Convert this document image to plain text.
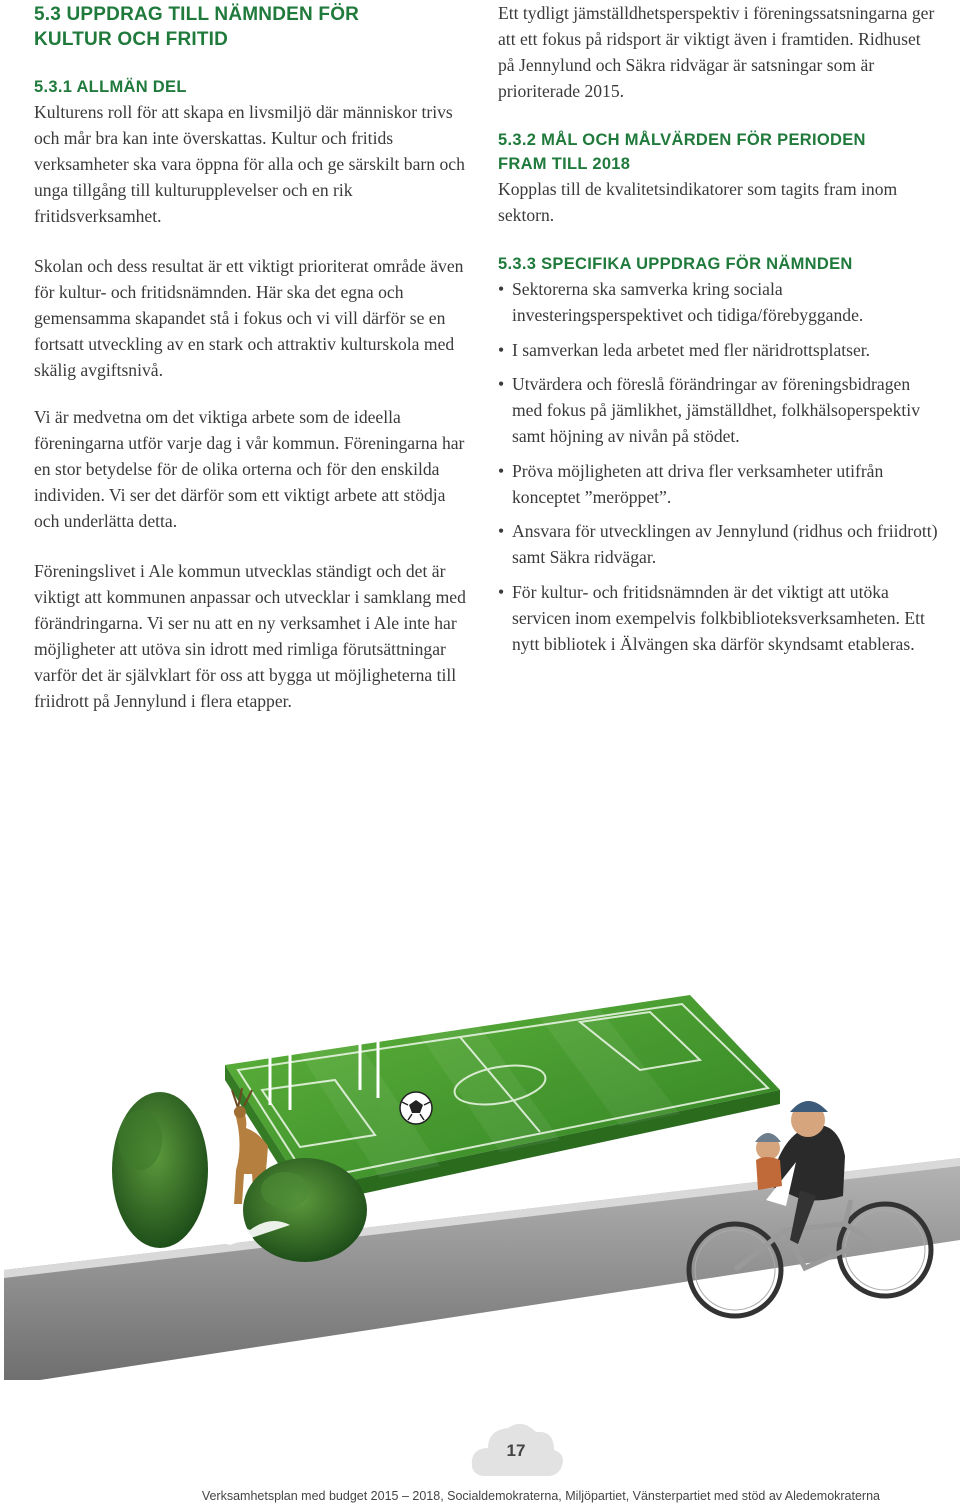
5.3 UPPDRAG TILL NÄMNDEN FÖR KULTUR OCH FRITID
5.3.1 ALLMÄN DEL

Kulturens roll för att skapa en livsmiljö där människor trivs och mår bra kan inte överskattas. Kultur och fritids verksamheter ska vara öppna för alla och ge särskilt barn och unga tillgång till kulturupplevelser och en rik fritidsverksamhet.

Skolan och dess resultat är ett viktigt prioriterat område även för kultur- och fritidsnämnden. Här ska det egna och gemensamma skapandet stå i fokus och vi vill därför se en fortsatt utveckling av en stark och attraktiv kulturskola med skälig avgiftsnivå.

Vi är medvetna om det viktiga arbete som de ideella föreningarna utför varje dag i vår kommun. Föreningarna har en stor betydelse för de olika orterna och för den enskilda individen. Vi ser det därför som ett viktigt arbete att stödja och underlätta detta.

Föreningslivet i Ale kommun utvecklas ständigt och det är viktigt att kommunen anpassar och utvecklar i samklang med förändringarna. Vi ser nu att en ny verksamhet i Ale inte har möjligheter att utöva sin idrott med rimliga förutsättningar varför det är självklart för oss att bygga ut möjligheterna till friidrott på Jennylund i flera etapper.

Ett tydligt jämställdhetsperspektiv i föreningssatsningarna ger att ett fokus på ridsport är viktigt även i framtiden. Ridhuset på Jennylund och Säkra ridvägar är satsningar som är prioriterade 2015.

5.3.2 MÅL OCH MÅLVÄRDEN FÖR PERIODEN FRAM TILL 2018

Kopplas till de kvalitetsindikatorer som tagits fram inom sektorn.

5.3.3 SPECIFIKA UPPDRAG FÖR NÄMNDEN
• Sektorerna ska samverka kring sociala investeringsperspektivet och tidiga/förebyggande.
• I samverkan leda arbetet med fler näridrottsplatser.
• Utvärdera och föreslå förändringar av föreningsbidragen med fokus på jämlikhet, jämställdhet, folkhälsoperspektiv samt höjning av nivån på stödet.
• Pröva möjligheten att driva fler verksamheter utifrån konceptet ”meröppet”.
• Ansvara för utvecklingen av Jennylund (ridhus och friidrott) samt Säkra ridvägar.
• För kultur- och fritidsnämnden är det viktigt att utöka servicen inom exempelvis folkbiblioteksverksamheten. Ett nytt bibliotek i Älvängen ska därför skyndsamt etableras.
17
Verksamhetsplan med budget 2015 – 2018, Socialdemokraterna, Miljöpartiet, Vänsterpartiet med stöd av Aledemokraterna
